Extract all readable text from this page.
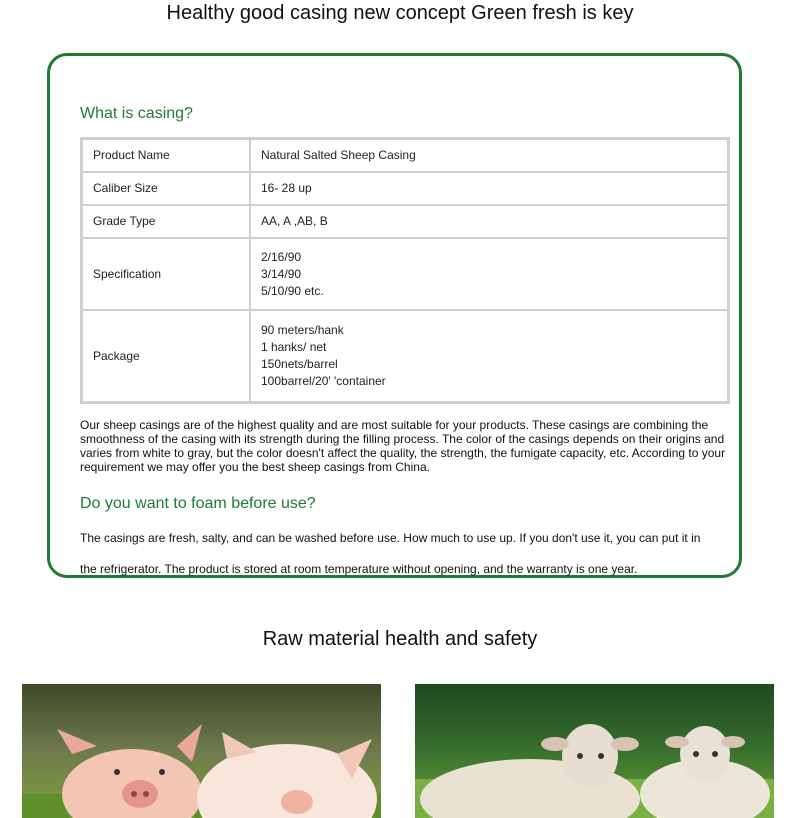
Healthy good casing new concept Green fresh is key
What is casing?
Product Name	Natural Salted Sheep Casing
Caliber Size	16- 28 up
Grade Type	AA, A ,AB, B
Specification	2/16/90
3/14/90
5/10/90 etc.

Package	90 meters/hank
1 hanks/ net
150nets/barrel
100barrel/20' 'container
Our sheep casings are of the highest quality and are most suitable for your products. These casings are combining the smoothness of the casing with its strength during the filling process. The color of the casings depends on their origins and varies from white to gray, but the color doesn't affect the quality, the strength, the fumigate capacity, etc. According to your requirement we may offer you the best sheep casings from China.
Do you want to foam before use?
The casings are fresh, salty, and can be washed before use. How much to use up. If you don't use it, you can put it in
the refrigerator. The product is stored at room temperature without opening, and the warranty is one year.
Raw material health and safety
